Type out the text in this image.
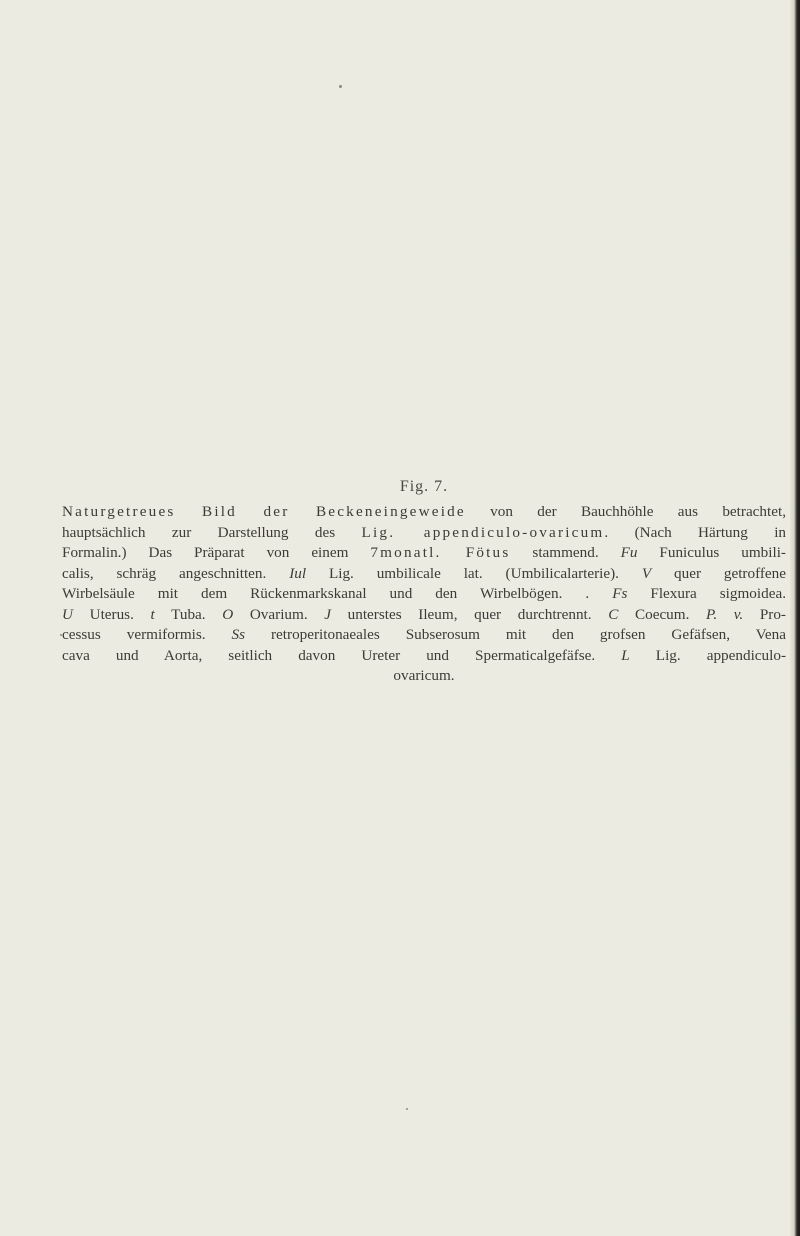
Fig. 7.
Naturgetreues Bild der Beckeneingeweide von der Bauchhöhle aus betrachtet,
hauptsächlich zur Darstellung des Lig. appendiculo-ovaricum. (Nach Härtung in
Formalin.) Das Präparat von einem 7monatl. Fötus stammend. Fu Funiculus umbili-
calis, schräg angeschnitten. Iul Lig. umbilicale lat. (Umbilicalarterie). V quer getroffene
Wirbelsäule mit dem Rückenmarkskanal und den Wirbelbögen. . Fs Flexura sigmoidea.
U Uterus. t Tuba. O Ovarium. J unterstes Ileum, quer durchtrennt. C Coecum. P. v. Pro-
cessus vermiformis. Ss retroperitonaeales Subserosum mit den grofsen Gefäfsen, Vena
cava und Aorta, seitlich davon Ureter und Spermaticalgefäfse. L Lig. appendiculo-
ovaricum.
